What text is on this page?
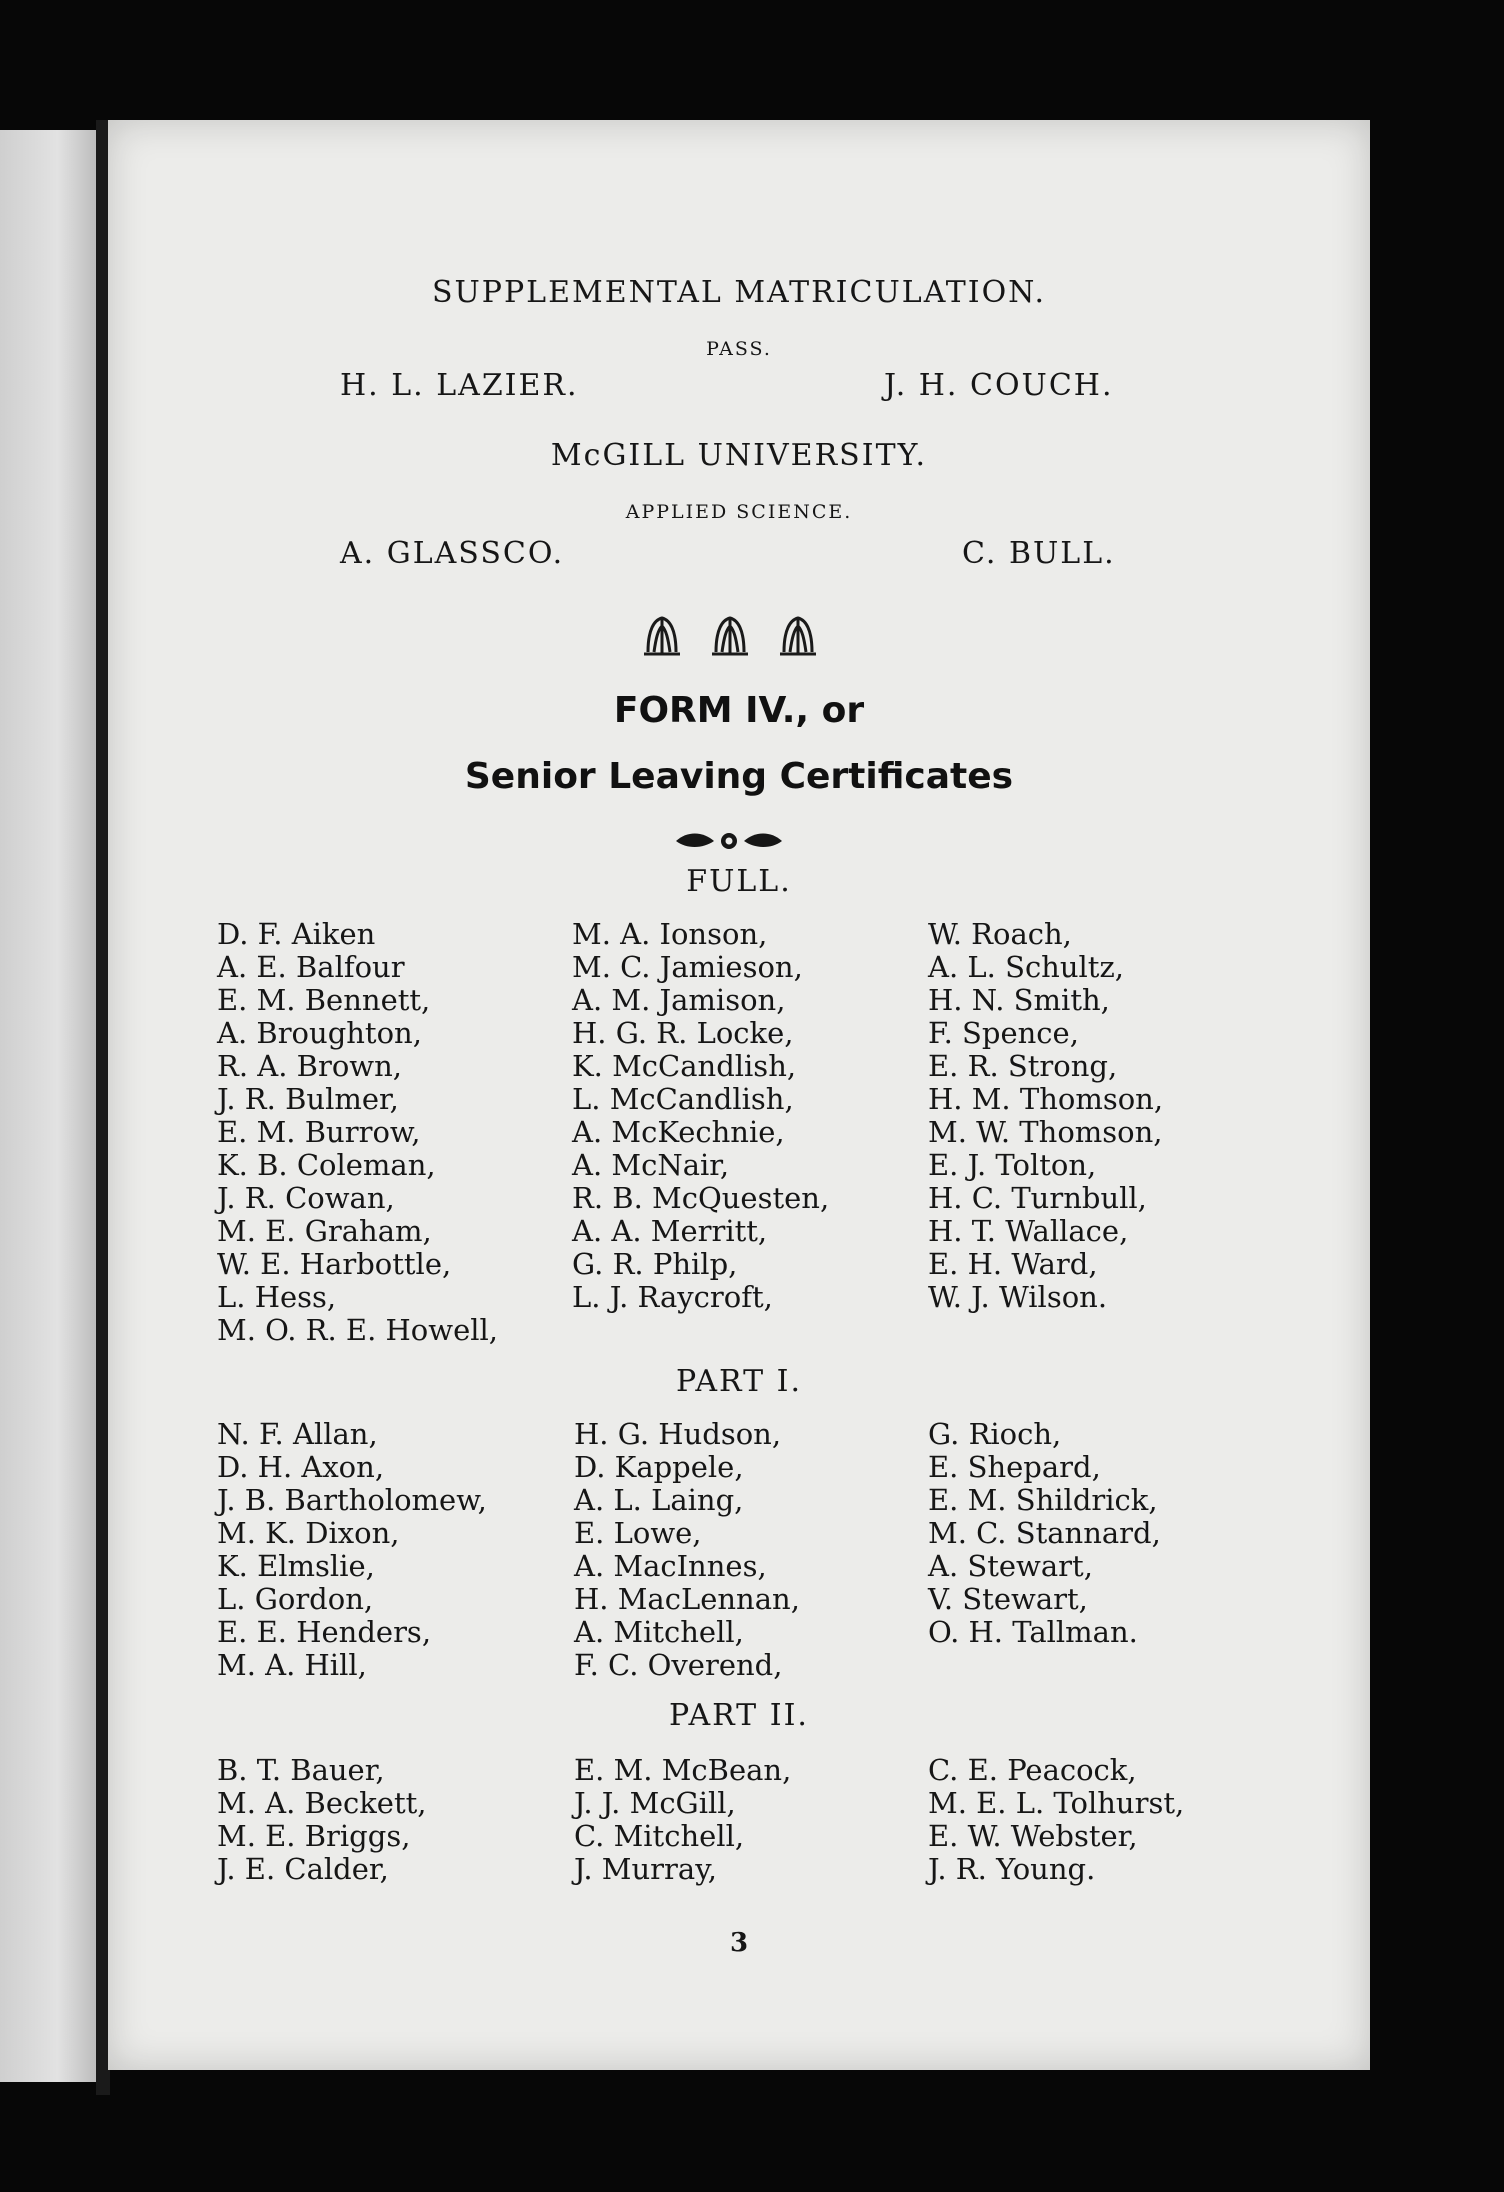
SUPPLEMENTAL MATRICULATION.
PASS.
H. L. LAZIER.	J. H. COUCH.
McGILL UNIVERSITY.
APPLIED SCIENCE.
A. GLASSCO.	C. BULL.
FORM IV., or
Senior Leaving Certificates
FULL.
D. F. Aiken
A. E. Balfour
E. M. Bennett,
A. Broughton,
R. A. Brown,
J. R. Bulmer,
E. M. Burrow,
K. B. Coleman,
J. R. Cowan,
M. E. Graham,
W. E. Harbottle,
L. Hess,
M. O. R. E. Howell,
M. A. Ionson,
M. C. Jamieson,
A. M. Jamison,
H. G. R. Locke,
K. McCandlish,
L. McCandlish,
A. McKechnie,
A. McNair,
R. B. McQuesten,
A. A. Merritt,
G. R. Philp,
L. J. Raycroft,
W. Roach,
A. L. Schultz,
H. N. Smith,
F. Spence,
E. R. Strong,
H. M. Thomson,
M. W. Thomson,
E. J. Tolton,
H. C. Turnbull,
H. T. Wallace,
E. H. Ward,
W. J. Wilson.
PART I.
N. F. Allan,
D. H. Axon,
J. B. Bartholomew,
M. K. Dixon,
K. Elmslie,
L. Gordon,
E. E. Henders,
M. A. Hill,
H. G. Hudson,
D. Kappele,
A. L. Laing,
E. Lowe,
A. MacInnes,
H. MacLennan,
A. Mitchell,
F. C. Overend,
G. Rioch,
E. Shepard,
E. M. Shildrick,
M. C. Stannard,
A. Stewart,
V. Stewart,
O. H. Tallman.
PART II.
B. T. Bauer,
M. A. Beckett,
M. E. Briggs,
J. E. Calder,
E. M. McBean,
J. J. McGill,
C. Mitchell,
J. Murray,
C. E. Peacock,
M. E. L. Tolhurst,
E. W. Webster,
J. R. Young.
3
